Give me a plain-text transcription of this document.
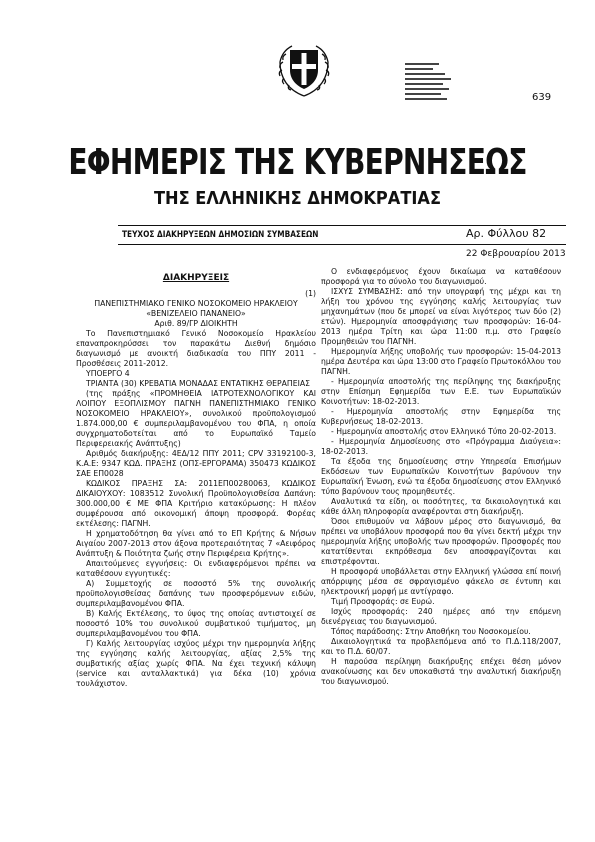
639
ΕΦΗΜΕΡΙΣ ΤΗΣ ΚΥΒΕΡΝΗΣΕΩΣ
ΤΗΣ ΕΛΛΗΝΙΚΗΣ ΔΗΜΟΚΡΑΤΙΑΣ
ΤΕΥΧΟΣ ΔΙΑΚΗΡΥΞΕΩΝ ΔΗΜΟΣΙΩΝ ΣΥΜΒΑΣΕΩΝ	Αρ. Φύλλου 82
22 Φεβρουαρίου 2013

ΔΙΑΚΗΡΥΞΕΙΣ

(1)

ΠΑΝΕΠΙΣΤΗΜΙΑΚΟ ΓΕΝΙΚΟ ΝΟΣΟΚΟΜΕΙΟ ΗΡΑΚΛΕΙΟΥ «ΒΕΝΙΖΕΛΕΙΟ ΠΑΝΑΝΕΙΟ»

Αριθ. 89/ΓΡ ΔΙΟΙΚΗΤΗ

Το Πανεπιστημιακό Γενικό Νοσοκομείο Ηρακλείου επαναπροκηρύσσει τον παρακάτω Διεθνή δημόσιο διαγωνισμό με ανοικτή διαδικασία του ΠΠΥ 2011 - Προσθέσεις 2011-2012.

ΥΠΟΕΡΓΟ 4

ΤΡΙΑΝΤΑ (30) ΚΡΕΒΑΤΙΑ ΜΟΝΑΔΑΣ ΕΝΤΑΤΙΚΗΣ ΘΕΡΑΠΕΙΑΣ

(της πράξης «ΠΡΟΜΗΘΕΙΑ ΙΑΤΡΟΤΕΧΝΟΛΟΓΙΚΟΥ ΚΑΙ ΛΟΙΠΟΥ ΕΞΟΠΛΙΣΜΟΥ ΠΑΓΝΗ ΠΑΝΕΠΙΣΤΗΜΙΑΚΟ ΓΕΝΙΚΟ ΝΟΣΟΚΟΜΕΙΟ ΗΡΑΚΛΕΙΟΥ», συνολικού προϋπολογισμού 1.874.000,00 € συμπεριλαμβανομένου του ΦΠΑ, η οποία συγχρηματοδοτείται από το Ευρωπαϊκό Ταμείο Περιφερειακής Ανάπτυξης)

Αριθμός διακήρυξης: 4ΕΔ/12 ΠΠΥ 2011; CPV 33192100-3, Κ.Α.Ε: 9347 ΚΩΔ. ΠΡΑΞΗΣ (ΟΠΣ-ΕΡΓΟΡΑΜΑ) 350473 ΚΩΔΙΚΟΣ ΣΑΕ ΕΠ0028

ΚΩΔΙΚΟΣ ΠΡΑΞΗΣ ΣΑ: 2011ΕΠ00280063, ΚΩΔΙΚΟΣ ΔΙΚΑΙΟΥΧΟΥ: 1083512 Συνολική Προϋπολογισθείσα Δαπάνη: 300.000,00 € ΜΕ ΦΠΑ Κριτήριο κατακύρωσης: Η πλέον συμφέρουσα από οικονομική άποψη προσφορά. Φορέας εκτέλεσης: ΠΑΓΝΗ.

Η χρηματοδότηση θα γίνει από το ΕΠ Κρήτης & Νήσων Αιγαίου 2007-2013 στον άξονα προτεραιότητας 7 «Αειφόρος Ανάπτυξη & Ποιότητα ζωής στην Περιφέρεια Κρήτης».

Απαιτούμενες εγγυήσεις: Οι ενδιαφερόμενοι πρέπει να καταθέσουν εγγυητικές:

Α) Συμμετοχής σε ποσοστό 5% της συνολικής προϋπολογισθείσας δαπάνης των προσφερόμενων ειδών, συμπεριλαμβανομένου ΦΠΑ.

Β) Καλής Εκτέλεσης, το ύψος της οποίας αντιστοιχεί σε ποσοστό 10% του συνολικού συμβατικού τιμήματος, μη συμπεριλαμβανομένου του ΦΠΑ.

Γ) Καλής λειτουργίας ισχύος μέχρι την ημερομηνία λήξης της εγγύησης καλής λειτουργίας, αξίας 2,5% της συμβατικής αξίας χωρίς ΦΠΑ. Να έχει τεχνική κάλυψη (service και ανταλλακτικά) για δέκα (10) χρόνια τουλάχιστον.

Ο ενδιαφερόμενος έχουν δικαίωμα να καταθέσουν προσφορά για το σύνολο του διαγωνισμού.

ΙΣΧΥΣ ΣΥΜΒΑΣΗΣ: από την υπογραφή της μέχρι και τη λήξη του χρόνου της εγγύησης καλής λειτουργίας των μηχανημάτων (που δε μπορεί να είναι λιγότερος των δύο (2) ετών). Ημερομηνία αποσφράγισης των προσφορών: 16-04-2013 ημέρα Τρίτη και ώρα 11:00 π.μ. στο Γραφείο Προμηθειών του ΠΑΓΝΗ.

Ημερομηνία λήξης υποβολής των προσφορών: 15-04-2013 ημέρα Δευτέρα και ώρα 13:00 στο Γραφείο Πρωτοκόλλου του ΠΑΓΝΗ.

- Ημερομηνία αποστολής της περίληψης της διακήρυξης στην Επίσημη Εφημερίδα των Ε.Ε. των Ευρωπαϊκών Κοινοτήτων: 18-02-2013.

- Ημερομηνία αποστολής στην Εφημερίδα της Κυβερνήσεως 18-02-2013.

- Ημερομηνία αποστολής στον Ελληνικό Τύπο 20-02-2013.

- Ημερομηνία Δημοσίευσης στο «Πρόγραμμα Διαύγεια»: 18-02-2013.

Τα έξοδα της δημοσίευσης στην Υπηρεσία Επισήμων Εκδόσεων των Ευρωπαϊκών Κοινοτήτων βαρύνουν την Ευρωπαϊκή Ένωση, ενώ τα έξοδα δημοσίευσης στον Ελληνικό τύπο βαρύνουν τους προμηθευτές.

Αναλυτικά τα είδη, οι ποσότητες, τα δικαιολογητικά και κάθε άλλη πληροφορία αναφέρονται στη διακήρυξη.

Όσοι επιθυμούν να λάβουν μέρος στο διαγωνισμό, θα πρέπει να υποβάλουν προσφορά που θα γίνει δεκτή μέχρι την ημερομηνία λήξης υποβολής των προσφορών. Προσφορές που κατατίθενται εκπρόθεσμα δεν αποσφραγίζονται και επιστρέφονται.

Η προσφορά υποβάλλεται στην Ελληνική γλώσσα επί ποινή απόρριψης μέσα σε σφραγισμένο φάκελο σε έντυπη και ηλεκτρονική μορφή με αντίγραφο.

Τιμή Προσφοράς: σε Ευρώ.

Ισχύς προσφοράς: 240 ημέρες από την επόμενη διενέργειας του διαγωνισμού.

Τόπος παράδοσης: Στην Αποθήκη του Νοσοκομείου.

Δικαιολογητικά τα προβλεπόμενα από το Π.Δ.118/2007, και το Π.Δ. 60/07.

Η παρούσα περίληψη διακήρυξης επέχει θέση μόνον ανακοίνωσης και δεν υποκαθιστά την αναλυτική διακήρυξη του διαγωνισμού.
